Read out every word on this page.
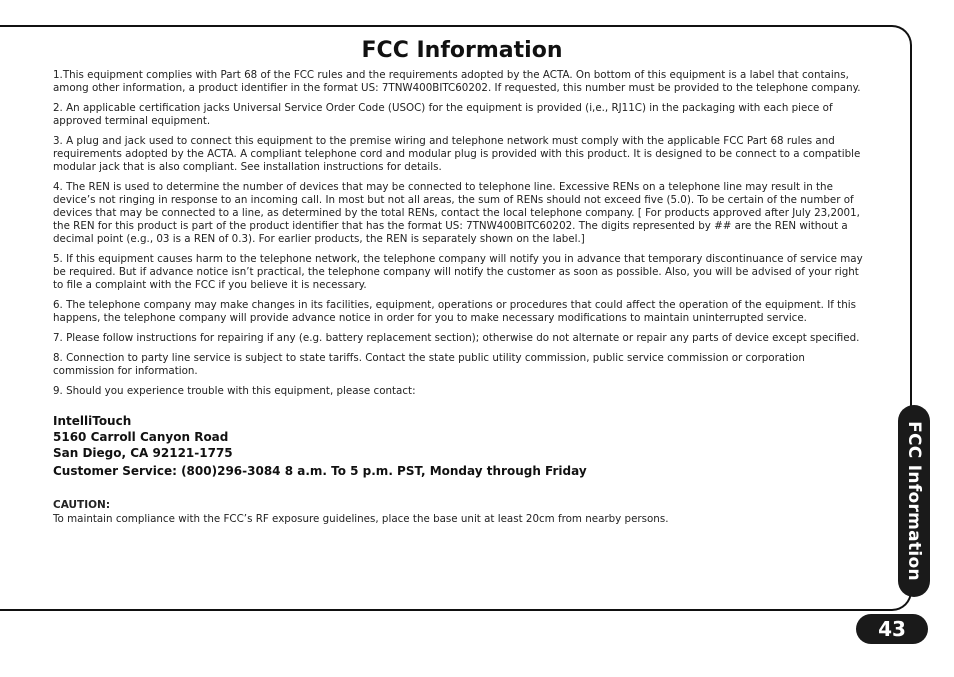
FCC Information

1.This equipment complies with Part 68 of the FCC rules and the requirements adopted by the ACTA. On bottom of this equipment is a label that contains, among other information, a product identifier in the format US: 7TNW400BITC60202. If requested, this number must be provided to the telephone company.

2. An applicable certification jacks Universal Service Order Code (USOC) for the equipment is provided (i,e., RJ11C) in the packaging with each piece of approved terminal equipment.

3. A plug and jack used to connect this equipment to the premise wiring and telephone network must comply with the applicable FCC Part 68 rules and requirements adopted by the ACTA. A compliant telephone cord and modular plug is provided with this product. It is designed to be connect to a compatible modular jack that is also compliant. See installation instructions for details.

4. The REN is used to determine the number of devices that may be connected to telephone line. Excessive RENs on a telephone line may result in the device’s not ringing in response to an incoming call. In most but not all areas, the sum of RENs should not exceed five (5.0). To be certain of the number of devices that may be connected to a line, as determined by the total RENs, contact the local telephone company. [ For products approved after July 23,2001, the REN for this product is part of the product identifier that has the format US: 7TNW400BITC60202. The digits represented by ## are the REN without a decimal point (e.g., 03 is a REN of 0.3). For earlier products, the REN is separately shown on the label.]

5. If this equipment causes harm to the telephone network, the telephone company will notify you in advance that temporary discontinuance of service may be required. But if advance notice isn’t practical, the telephone company will notify the customer as soon as possible. Also, you will be advised of your right to file a complaint with the FCC if you believe it is necessary.

6. The telephone company may make changes in its facilities, equipment, operations or procedures that could affect the operation of the equipment. If this happens, the telephone company will provide advance notice in order for you to make necessary modifications to maintain uninterrupted service.

7. Please follow instructions for repairing if any (e.g. battery replacement section); otherwise do not alternate or repair any parts of device except specified.

8. Connection to party line service is subject to state tariffs. Contact the state public utility commission, public service commission or corporation commission for information.

9. Should you experience trouble with this equipment, please contact:

IntelliTouch
5160 Carroll Canyon Road
San Diego, CA 92121-1775
Customer Service: (800)296-3084 8 a.m. To 5 p.m. PST, Monday through Friday
CAUTION:
To maintain compliance with the FCC’s RF exposure guidelines, place the base unit at least 20cm from nearby persons.	FCC Information
43
